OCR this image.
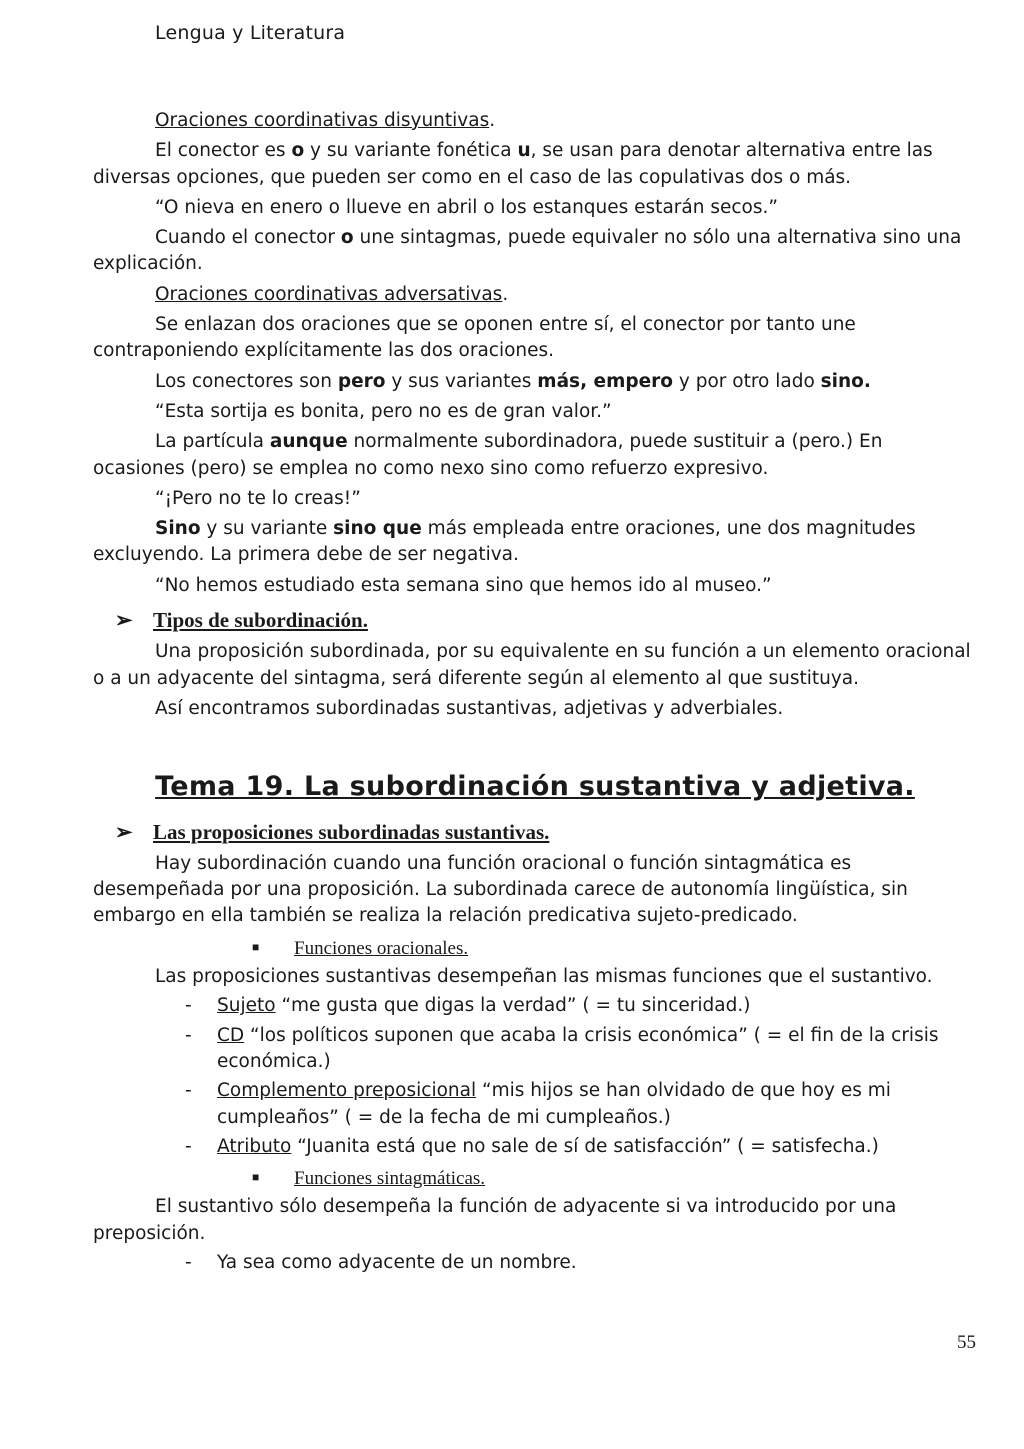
Lengua y Literatura

Oraciones coordinativas disyuntivas.

El conector es o y su variante fonética u, se usan para denotar alternativa entre las diversas opciones, que pueden ser como en el caso de las copulativas dos o más.

“O nieva en enero o llueve en abril o los estanques estarán secos.”

Cuando el conector o une sintagmas, puede equivaler no sólo una alternativa sino una explicación.

Oraciones coordinativas adversativas.

Se enlazan dos oraciones que se oponen entre sí, el conector por tanto une contraponiendo explícitamente las dos oraciones.

Los conectores son pero y sus variantes más, empero y por otro lado sino.

“Esta sortija es bonita, pero no es de gran valor.”

La partícula aunque normalmente subordinadora, puede sustituir a (pero.) En ocasiones (pero) se emplea no como nexo sino como refuerzo expresivo.

“¡Pero no te lo creas!”

Sino y su variante sino que más empleada entre oraciones, une dos magnitudes excluyendo. La primera debe de ser negativa.

“No hemos estudiado esta semana sino que hemos ido al museo.”

➢ Tipos de subordinación.

Una proposición subordinada, por su equivalente en su función a un elemento oracional o a un adyacente del sintagma, será diferente según al elemento al que sustituya.

Así encontramos subordinadas sustantivas, adjetivas y adverbiales.

Tema 19. La subordinación sustantiva y adjetiva.
➢ Las proposiciones subordinadas sustantivas.

Hay subordinación cuando una función oracional o función sintagmática es desempeñada por una proposición. La subordinada carece de autonomía lingüística, sin embargo en ella también se realiza la relación predicativa sujeto-predicado.

■ Funciones oracionales.

Las proposiciones sustantivas desempeñan las mismas funciones que el sustantivo.

- Sujeto “me gusta que digas la verdad” ( = tu sinceridad.)
- CD “los políticos suponen que acaba la crisis económica” ( = el fin de la crisis económica.)
- Complemento preposicional “mis hijos se han olvidado de que hoy es mi cumpleaños” ( = de la fecha de mi cumpleaños.)
- Atributo “Juanita está que no sale de sí de satisfacción” ( = satisfecha.)
■ Funciones sintagmáticas.

El sustantivo sólo desempeña la función de adyacente si va introducido por una preposición.

- Ya sea como adyacente de un nombre.
55
